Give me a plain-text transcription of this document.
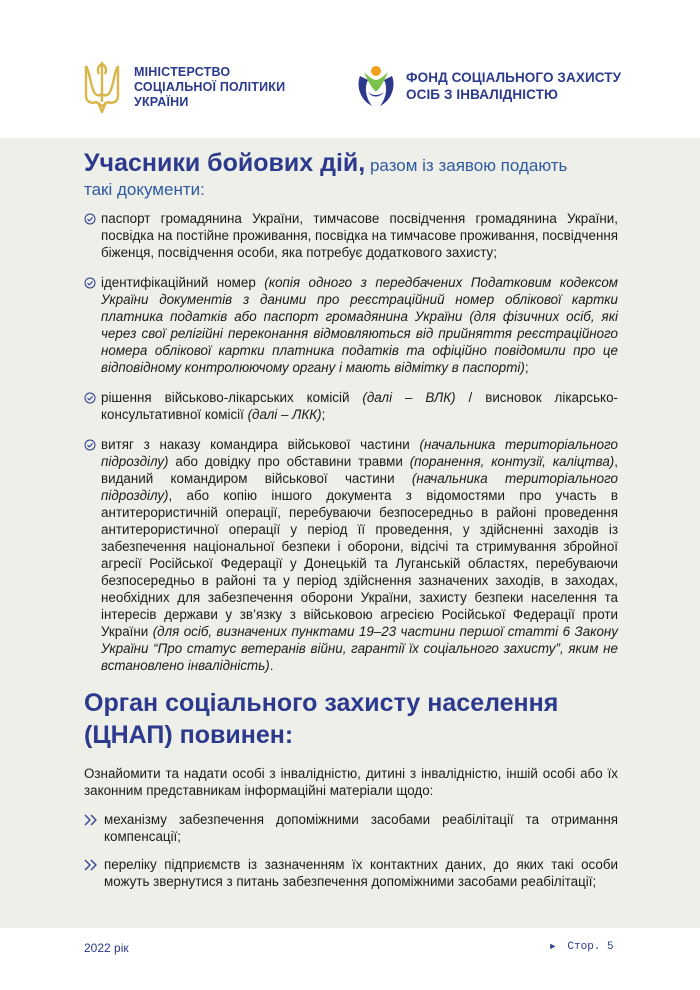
МІНІСТЕРСТВО
СОЦІАЛЬНОЇ ПОЛІТИКИ
УКРАЇНИ
ФОНД СОЦІАЛЬНОГО ЗАХИСТУ
ОСІБ З ІНВАЛІДНІСТЮ
Учасники бойових дій, разом із заявою подають
такі документи:
паспорт громадянина України, тимчасове посвідчення громадянина України, посвідка на постійне проживання, посвідка на тимчасове проживання, посвідчення біженця, посвідчення особи, яка потребує додаткового захисту;
ідентифікаційний номер (копія одного з передбачених Податковим кодексом України документів з даними про реєстраційний номер облікової картки платника податків або паспорт громадянина України (для фізичних осіб, які через свої релігійні переконання відмовляються від прийняття реєстраційного номера облікової картки платника податків та офіційно повідомили про це відповідному контролюючому органу і мають відмітку в паспорті);
рішення військово-лікарських комісій (далі – ВЛК) / висновок лікарсько-консультативної комісії (далі – ЛКК);
витяг з наказу командира військової частини (начальника територіального підрозділу) або довідку про обставини травми (поранення, контузії, каліцтва), виданий командиром військової частини (начальника територіального підрозділу), або копію іншого документа з відомостями про участь в антитерористичній операції, перебуваючи безпосередньо в районі проведення антитерористичної операції у період її проведення, у здійсненні заходів із забезпечення національної безпеки і оборони, відсічі та стримування збройної агресії Російської Федерації у Донецькій та Луганській областях, перебуваючи безпосередньо в районі та у період здійснення зазначених заходів, в заходах, необхідних для забезпечення оборони України, захисту безпеки населення та інтересів держави у зв’язку з військовою агресією Російської Федерації проти України (для осіб, визначених пунктами 19–23 частини першої статті 6 Закону України “Про статус ветеранів війни, гарантії їх соціального захисту”, яким не встановлено інвалідність).
Орган соціального захисту населення
(ЦНАП) повинен:

Ознайомити та надати особі з інвалідністю, дитині з інвалідністю, іншій особі або їх законним представникам інформаційні матеріали щодо:

механізму забезпечення допоміжними засобами реабілітації та отримання компенсації;
переліку підприємств із зазначенням їх контактних даних, до яких такі особи можуть звернутися з питань забезпечення допоміжними засобами реабілітації;
2022 рік	► Стор. 5
